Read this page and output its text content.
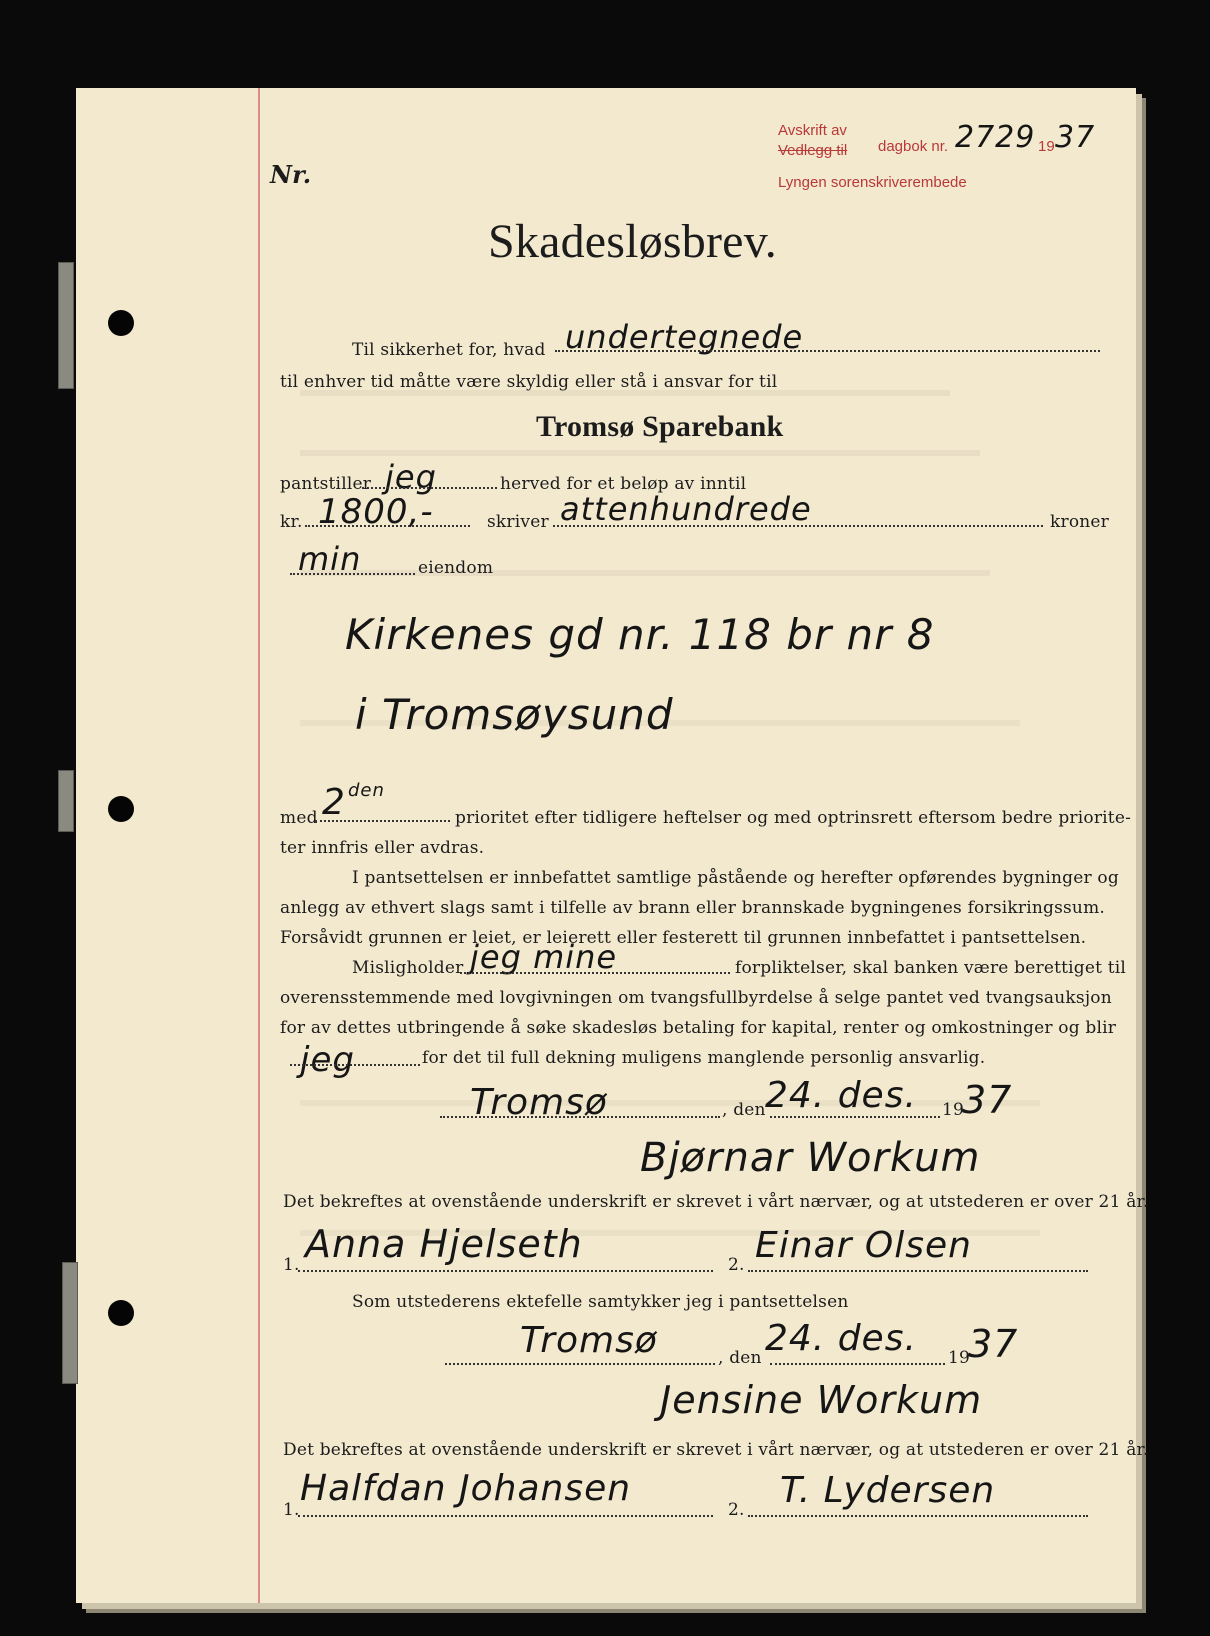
Nr.
Avskrift av
Vedlegg til dagbok nr. 2729 19 37
Lyngen sorenskriverembede
Skadesløsbrev.
Til sikkerhet for, hvad undertegnede
til enhver tid måtte være skyldig eller stå i ansvar for til
Tromsø Sparebank
pantstiller jeg	herved for et beløp av inntil
kr. 1800,-	skriver attenhundrede	kroner
min	eiendom
Kirkenes gd nr. 118 br nr 8
i Tromsøysund
med 2 den
prioritet efter tidligere heftelser og med optrinsrett eftersom bedre priorite-
ter innfris eller avdras.
I pantsettelsen er innbefattet samtlige påstående og herefter opførendes bygninger og
anlegg av ethvert slags samt i tilfelle av brann eller brannskade bygningenes forsikringssum.
Forsåvidt grunnen er leiet, er leierett eller festerett til grunnen innbefattet i pantsettelsen.
Misligholder jeg mine	forpliktelser, skal banken være berettiget til
overensstemmende med lovgivningen om tvangsfullbyrdelse å selge pantet ved tvangsauksjon
for av dettes utbringende å søke skadesløs betaling for kapital, renter og omkostninger og blir
jeg	for det til full dekning muligens manglende personlig ansvarlig.
Tromsø	, den 24. des. 19
37
Bjørnar Workum
Det bekreftes at ovenstående underskrift er skrevet i vårt nærvær, og at utstederen er over 21 år.
1. Anna Hjelseth	2. Einar Olsen
Som utstederens ektefelle samtykker jeg i pantsettelsen
Tromsø	, den 24. des. 19
37
Jensine Workum
Det bekreftes at ovenstående underskrift er skrevet i vårt nærvær, og at utstederen er over 21 år.
1.
Halfdan Johansen
2. T. Lydersen
